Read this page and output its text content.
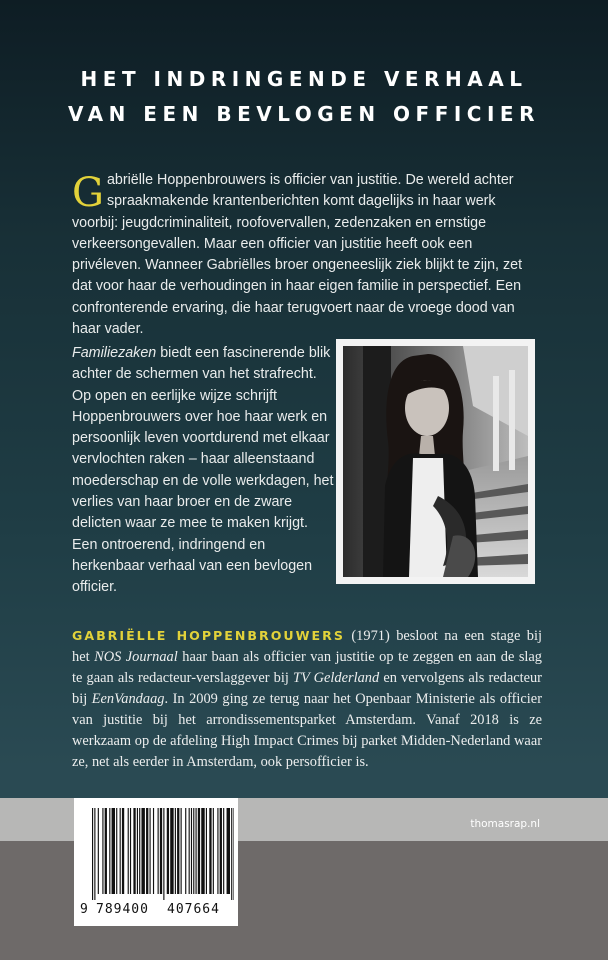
HET INDRINGENDE VERHAAL
VAN EEN BEVLOGEN OFFICIER
G abriëlle Hoppenbrouwers is officier van justitie. De wereld achter spraakmakende krantenberichten komt dagelijks in haar werk voorbij: jeugdcriminaliteit, roofovervallen, zedenzaken en ernstige verkeersongevallen. Maar een officier van justitie heeft ook een privéleven. Wanneer Gabriëlles broer ongeneeslijk ziek blijkt te zijn, zet dat voor haar de verhoudingen in haar eigen familie in perspectief. Een confronterende ervaring, die haar terugvoert naar de vroege dood van haar vader.

Familiezaken biedt een fascinerende blik achter de schermen van het strafrecht. Op open en eerlijke wijze schrijft Hoppenbrouwers over hoe haar werk en persoonlijk leven voortdurend met elkaar vervlochten raken – haar alleenstaand moederschap en de volle werkdagen, het verlies van haar broer en de zware delicten waar ze mee te maken krijgt. Een ontroerend, indringend en herkenbaar verhaal van een bevlogen officier.

GABRIËLLE HOPPENBROUWERS (1971) besloot na een stage bij het NOS Journaal haar baan als officier van justitie op te zeggen en aan de slag te gaan als redacteur-verslaggever bij TV Gelderland en vervolgens als redacteur bij EenVandaag. In 2009 ging ze terug naar het Openbaar Ministerie als officier van justitie bij het arrondissementsparket Amsterdam. Vanaf 2018 is ze werkzaam op de afdeling High Impact Crimes bij parket Midden-Nederland waar ze, net als eerder in Amsterdam, ook persofficier is.

9 789400 407664
thomasrap.nl
